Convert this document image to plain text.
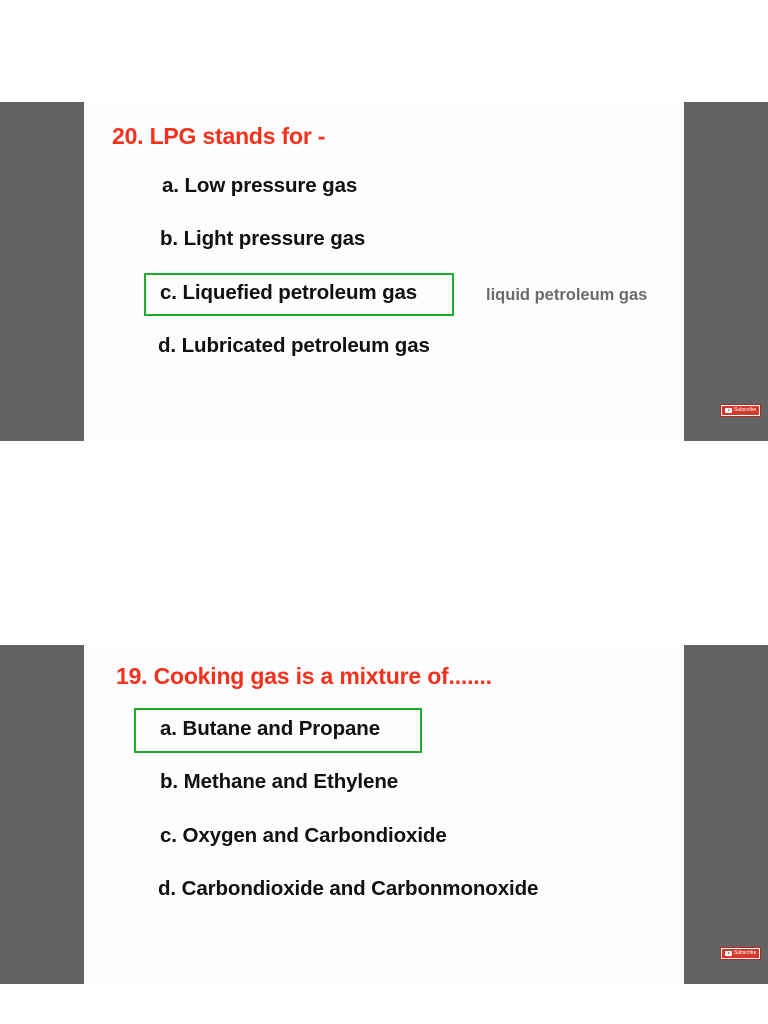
20. LPG stands for -
a. Low pressure gas
b. Light pressure gas
c. Liquefied petroleum gas	liquid petroleum gas
d. Lubricated petroleum gas
Subscribe
19. Cooking gas is a mixture of.......
a. Butane and Propane
b. Methane and Ethylene
c. Oxygen and Carbondioxide
d. Carbondioxide and Carbonmonoxide
Subscribe
